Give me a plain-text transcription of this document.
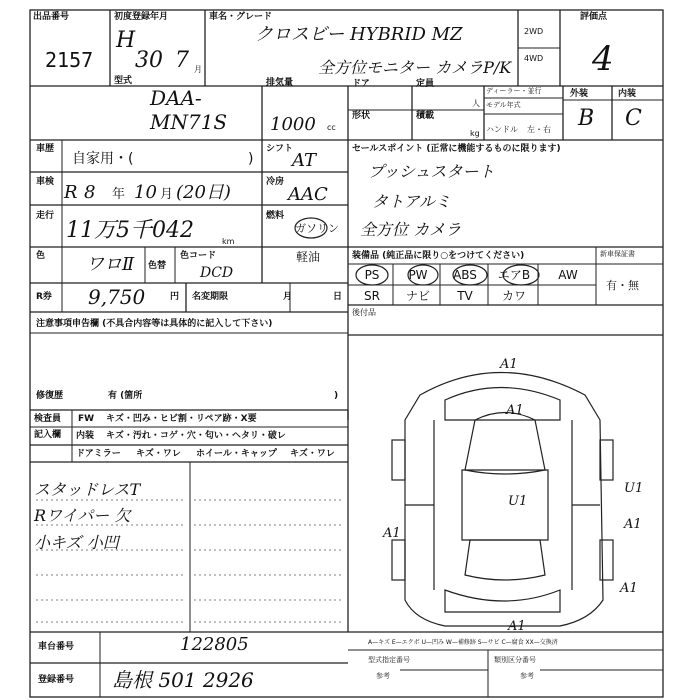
出品番号
2157
初度登録年月
H
30 7 月
車名・グレード
クロスビー HYBRID MZ
全方位モニター カメラP/K
2WD
4WD
評価点
4
型式
DAA-
MN71S
排気量
1000 cc
ドア	定員
人
形状	積載
kg
ディーラー・並行
モデル年式
ハンドル 左・右
外装	内装
B C
車歴
自家用・(	)
シフト
AT
車検 R 8 年 10 月 (20日)	冷房
AAC
走行
11万5千042	km
燃料
ガソリン
軽油
色 ワロⅡ 色替
色コード
DCD
R券 9,750	円 名変期限	月	日
セールスポイント (正常に機能するものに限ります)
プッシュスタート
タトアルミ
全方位 カメラ
装備品 (純正品に限り○をつけてください)
PS	PW	ABS	エアB	AW
SR	ナビ	TV	カワ
新車保証書
有・無
後付品
注意事項申告欄 (不具合内容等は具体的に記入して下さい)
修復歴	有 (箇所	)
検査員
記入欄
FW キズ・凹み・ヒビ割・リペア跡・X要
内装 キズ・汚れ・コゲ・穴・匂い・ヘタリ・破レ
ドアミラー キズ・ワレ ホイール・キャップ キズ・ワレ
スタッドレスT
Rワイパー 欠
小キズ 小凹
A1
A1
U1
U1
A1
A1
A1
A1
車台番号	122805
登録番号 島根 501 2926
A—キズ E—エクボ U—凹み W—補修跡 S—サビ C—腐食 XX—交換済
型式指定番号	類別区分番号
参考	参考
